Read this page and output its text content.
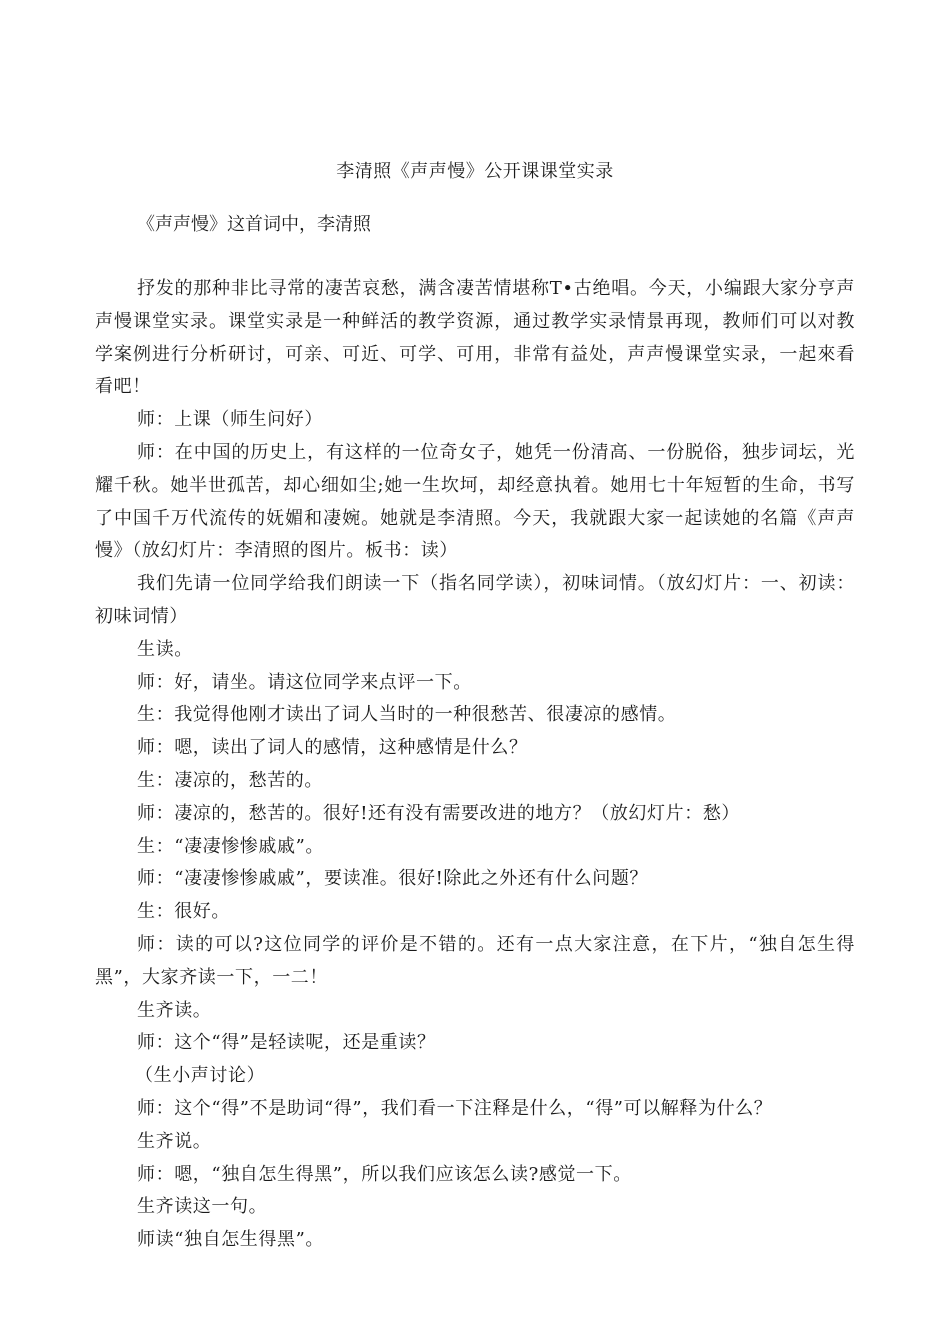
李清照《声声慢》公开课课堂实录
《声声慢》这首词中，李清照

抒发的那种非比寻常的凄苦哀愁，满含凄苦情堪称T•古绝唱。今天，小编跟大家分亨声声慢课堂实录。课堂实录是一种鲜活的教学资源，通过教学实录情景再现，教师们可以对教学案例进行分析研讨，可亲、可近、可学、可用，非常有益处，声声慢课堂实录，一起來看看吧！

师：上课（师生问好）

师：在中国的历史上，有这样的一位奇女子，她凭一份清高、一份脱俗，独步词坛，光耀千秋。她半世孤苦，却心细如尘;她一生坎坷，却经意执着。她用七十年短暂的生命，书写了中国千万代流传的妩媚和凄婉。她就是李清照。今天，我就跟大家一起读她的名篇《声声慢》（放幻灯片：李清照的图片。板书：读）

我们先请一位同学给我们朗读一下（指名同学读），初味词情。（放幻灯片：一、初读：初味词情）

生读。

师：好，请坐。请这位同学来点评一下。

生：我觉得他刚才读出了词人当时的一种很愁苦、很凄凉的感情。

师：嗯，读出了词人的感情，这种感情是什么？

生：凄凉的，愁苦的。

师：凄凉的，愁苦的。很好!还有没有需要改进的地方？（放幻灯片：愁）

生：“凄凄惨惨戚戚”。

师：“凄凄惨惨戚戚”，要读准。很好!除此之外还有什么问题？

生：很好。

师：读的可以?这位同学的评价是不错的。还有一点大家注意，在下片，“独自怎生得黑”，大家齐读一下，一二！

生齐读。

师：这个“得”是轻读呢，还是重读？

（生小声讨论）

师：这个“得”不是助词“得”，我们看一下注释是什么，“得”可以解释为什么？

生齐说。

师：嗯，“独自怎生得黑”，所以我们应该怎么读?感觉一下。

生齐读这一句。

师读“独自怎生得黑”。
